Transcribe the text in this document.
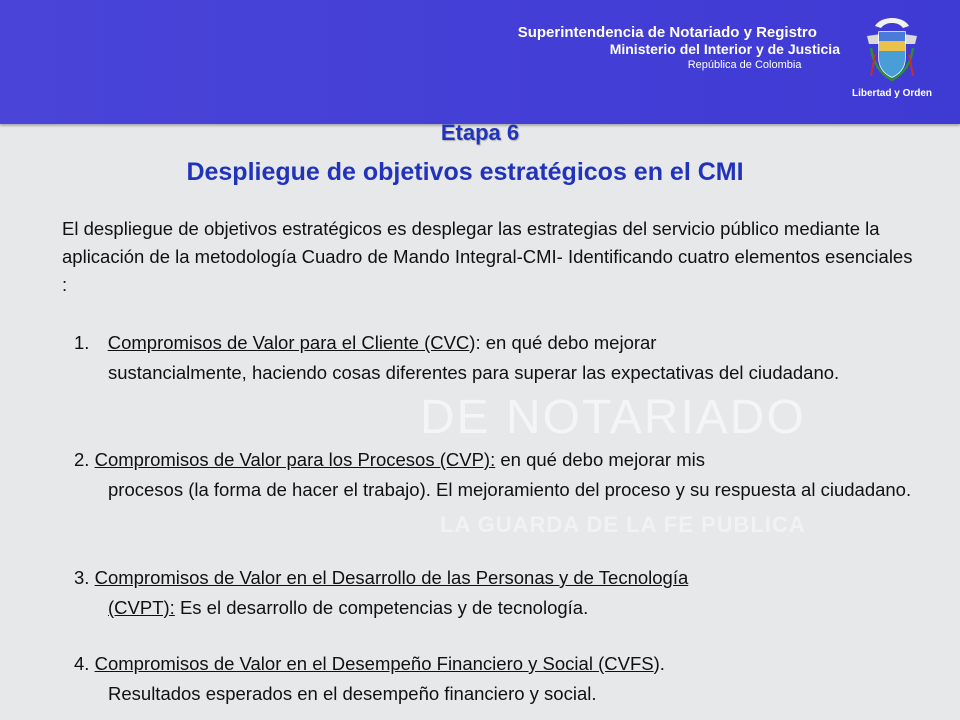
Superintendencia de Notariado y Registro
Ministerio del Interior y de Justicia
República de Colombia
Libertad y Orden
DE NOTARIADO
LA GUARDA DE LA FE PUBLICA
Etapa 6
Despliegue de objetivos estratégicos en el CMI
El despliegue de objetivos estratégicos es desplegar las estrategias del servicio público mediante la aplicación de la metodología Cuadro de Mando Integral-CMI- Identificando cuatro elementos esenciales :
1. Compromisos de Valor para el Cliente (CVC): en qué debo mejorar
sustancialmente, haciendo cosas diferentes para superar las expectativas del ciudadano.
2. Compromisos de Valor para los Procesos (CVP): en qué debo mejorar mis
procesos (la forma de hacer el trabajo). El mejoramiento del proceso y su respuesta al ciudadano.
3. Compromisos de Valor en el Desarrollo de las Personas y de Tecnología
(CVPT): Es el desarrollo de competencias y de tecnología.
4. Compromisos de Valor en el Desempeño Financiero y Social (CVFS).
Resultados esperados en el desempeño financiero y social.
